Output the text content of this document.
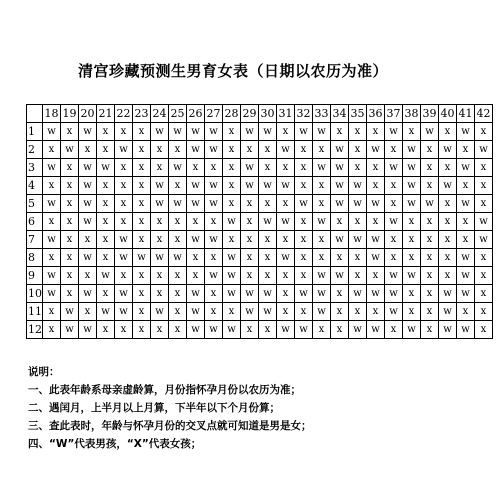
清宫珍藏预测生男育女表（日期以农历为准）
	18	19	20	21	22	23	24	25	26	27	28	29	30	31	32	33	34	35	36	37	38	39	40	41	42
1	w	x	w	x	x	x	w	w	w	w	x	w	w	x	w	w	x	x	x	w	x	w	x	w	x
2	x	w	x	x	w	x	x	x	w	w	x	x	x	w	x	x	w	x	w	x	w	x	w	x	w
3	w	x	w	w	x	x	x	w	x	x	x	w	x	x	x	w	w	x	x	w	w	x	x	w	x
4	x	x	w	x	x	x	w	x	w	w	x	w	w	w	x	x	w	w	x	x	w	x	w	x	x
5	w	x	w	x	x	x	w	w	w	w	x	x	x	x	w	x	w	w	w	x	w	w	x	w	x
6	x	x	w	x	x	x	x	x	x	x	w	x	w	w	x	w	x	x	x	w	x	x	x	x	w
7	w	x	x	x	w	x	x	x	w	w	x	x	x	x	x	x	w	w	w	x	x	x	x	x	w
8	x	x	w	x	w	w	w	w	x	x	w	x	x	w	x	x	x	x	w	x	x	x	x	w	x
9	w	x	x	w	x	x	x	x	x	w	w	x	x	x	x	w	w	x	x	w	w	x	x	w	x
10	w	x	w	x	w	x	x	x	w	x	w	w	w	x	w	w	x	w	w	w	x	x	w	w	x
11	x	w	x	w	w	x	w	x	w	x	x	w	w	x	x	w	x	x	x	w	x	x	w	x	x
12	x	w	w	x	x	x	x	x	w	w	w	x	x	w	w	x	x	w	w	x	w	x	w	w	x
说明：
一、此表年龄系母亲虚龄算，月份指怀孕月份以农历为准；
二、遇闰月，上半月以上月算，下半年以下个月份算；
三、查此表时，年龄与怀孕月份的交叉点就可知道是男是女；
四、“W”代表男孩，“X”代表女孩；
